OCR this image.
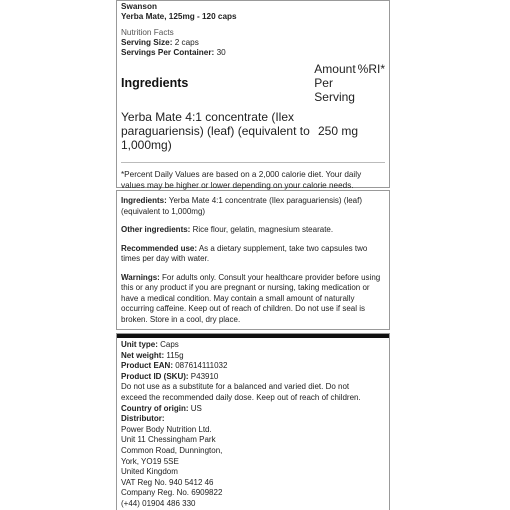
Swanson
Yerba Mate, 125mg - 120 caps
Nutrition Facts
Serving Size: 2 caps
Servings Per Container: 30
Ingredients
Amount
Per
Serving
%RI*
Yerba Mate 4:1 concentrate (Ilex paraguariensis) (leaf) (equivalent to 1,000mg)
250 mg
*Percent Daily Values are based on a 2,000 calorie diet. Your daily values may be higher or lower depending on your calorie needs.
Ingredients: Yerba Mate 4:1 concentrate (Ilex paraguariensis) (leaf) (equivalent to 1,000mg)
Other ingredients: Rice flour, gelatin, magnesium stearate.
Recommended use: As a dietary supplement, take two capsules two times per day with water.
Warnings: For adults only. Consult your healthcare provider before using this or any product if you are pregnant or nursing, taking medication or have a medical condition. May contain a small amount of naturally occurring caffeine. Keep out of reach of children. Do not use if seal is broken. Store in a cool, dry place.
Unit type: Caps
Net weight: 115g
Product EAN: 087614111032
Product ID (SKU): P43910
Do not use as a substitute for a balanced and varied diet. Do not
exceed the recommended daily dose. Keep out of reach of children.
Country of origin: US
Distributor:
Power Body Nutrition Ltd.
Unit 11 Chessingham Park
Common Road, Dunnington,
York, YO19 5SE
United Kingdom
VAT Reg No. 940 5412 46
Company Reg. No. 6909822
(+44) 01904 486 330
